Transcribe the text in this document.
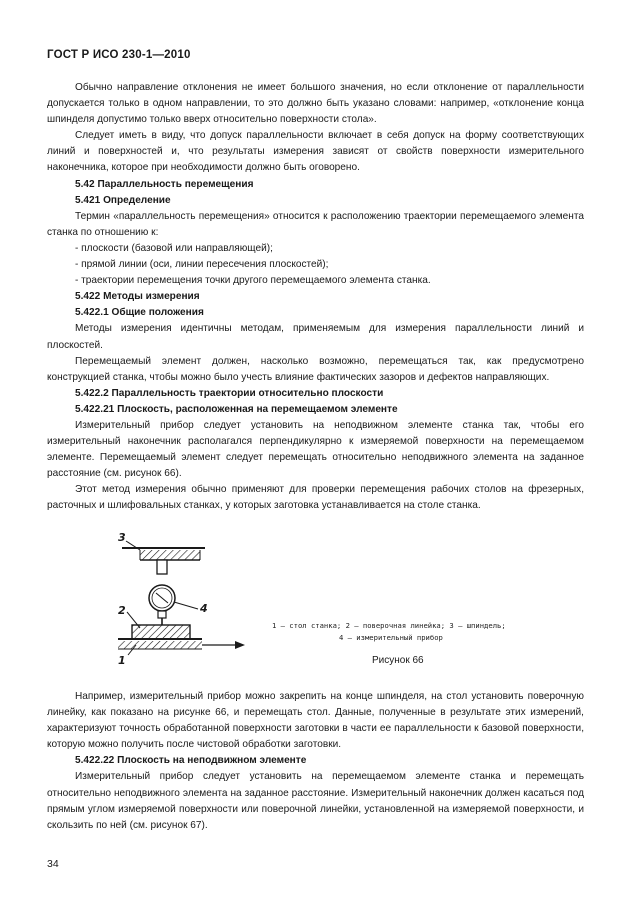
ГОСТ Р ИСО 230-1—2010

Обычно направление отклонения не имеет большого значения, но если отклонение от параллельности допускается только в одном направлении, то это должно быть указано словами: например, «отклонение конца шпинделя допустимо только вверх относительно поверхности стола».

Следует иметь в виду, что допуск параллельности включает в себя допуск на форму соответствующих линий и поверхностей и, что результаты измерения зависят от свойств поверхности измерительного наконечника, которое при необходимости должно быть оговорено.

5.42 Параллельность перемещения

5.421 Определение

Термин «параллельность перемещения» относится к расположению траектории перемещаемого элемента станка по отношению к:

- плоскости (базовой или направляющей);

- прямой линии (оси, линии пересечения плоскостей);

- траектории перемещения точки другого перемещаемого элемента станка.

5.422 Методы измерения

5.422.1 Общие положения

Методы измерения идентичны методам, применяемым для измерения параллельности линий и плоскостей.

Перемещаемый элемент должен, насколько возможно, перемещаться так, как предусмотрено конструкцией станка, чтобы можно было учесть влияние фактических зазоров и дефектов направляющих.

5.422.2 Параллельность траектории относительно плоскости

5.422.21 Плоскость, расположенная на перемещаемом элементе

Измерительный прибор следует установить на неподвижном элементе станка так, чтобы его измерительный наконечник располагался перпендикулярно к измеряемой поверхности на перемещаемом элементе. Перемещаемый элемент следует перемещать относительно неподвижного элемента на заданное расстояние (см. рисунок 66).

Этот метод измерения обычно применяют для проверки перемещения рабочих столов на фрезерных, расточных и шлифовальных станках, у которых заготовка устанавливается на столе станка.

3
2	4
1
1 — стол станка; 2 — поверочная линейка; 3 — шпиндель;
4 — измерительный прибор
Рисунок 66

Например, измерительный прибор можно закрепить на конце шпинделя, на стол установить поверочную линейку, как показано на рисунке 66, и перемещать стол. Данные, полученные в результате этих измерений, характеризуют точность обработанной поверхности заготовки в части ее параллельности к базовой поверхности, которую можно получить после чистовой обработки заготовки.

5.422.22 Плоскость на неподвижном элементе

Измерительный прибор следует установить на перемещаемом элементе станка и перемещать относительно неподвижного элемента на заданное расстояние. Измерительный наконечник должен касаться под прямым углом измеряемой поверхности или поверочной линейки, установленной на измеряемой поверхности, и скользить по ней (см. рисунок 67).

34
